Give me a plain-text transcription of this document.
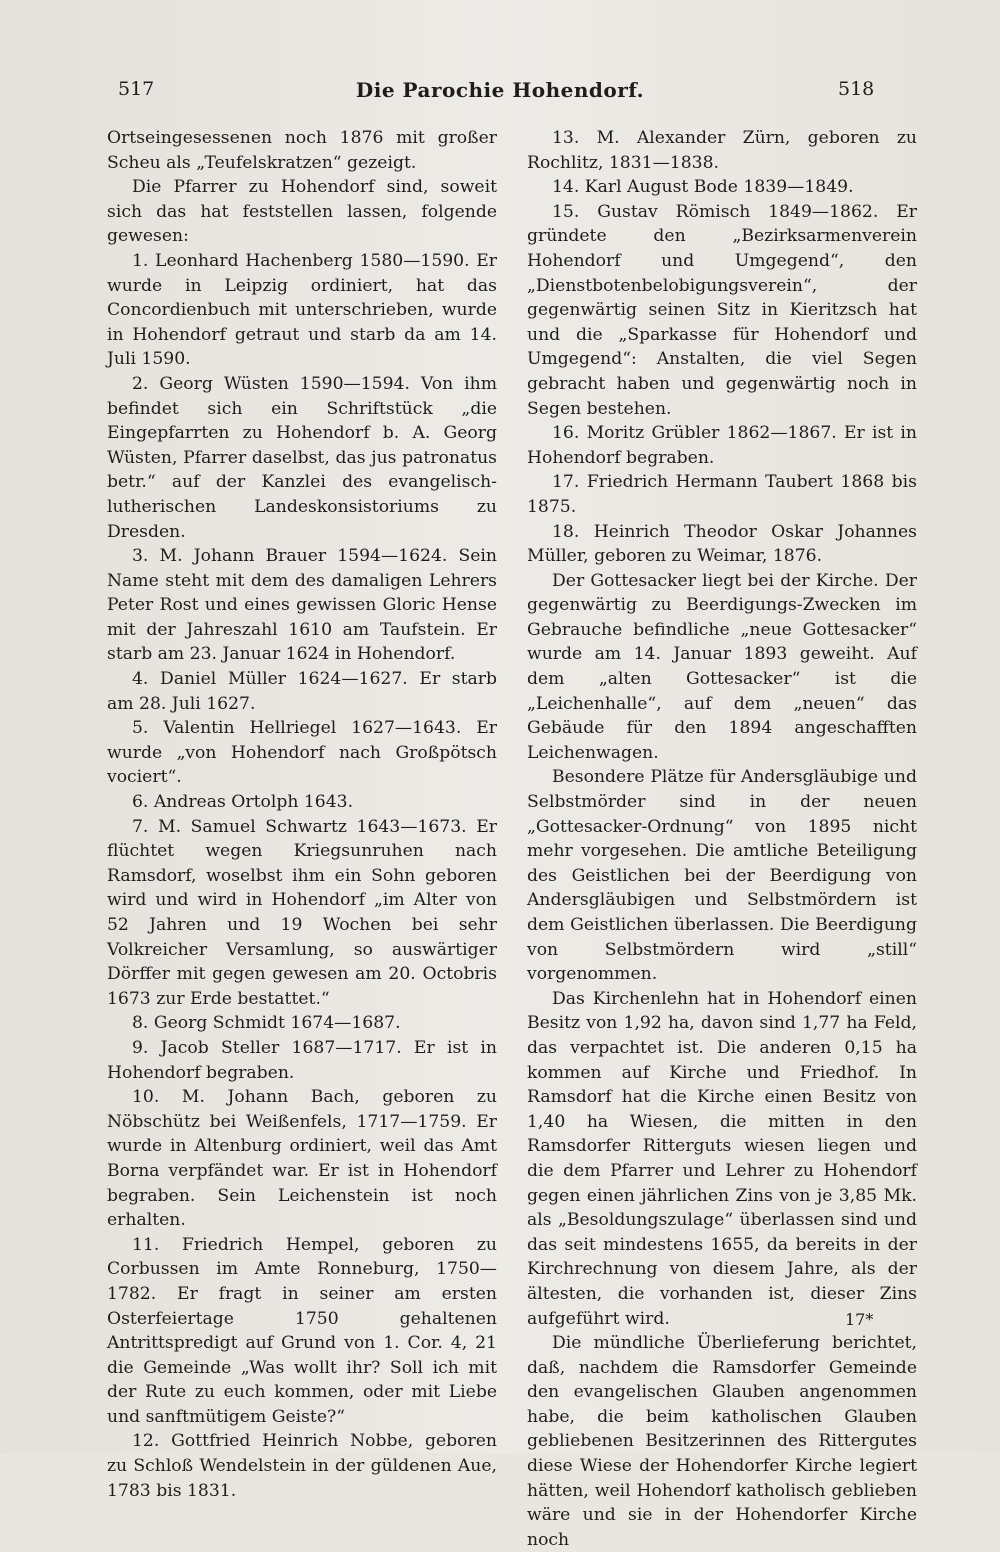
517	Die Parochie Hohendorf.	518

Ortseingesessenen noch 1876 mit großer Scheu als „Teufelskratzen“ gezeigt.

Die Pfarrer zu Hohendorf sind, soweit sich das hat feststellen lassen, folgende gewesen:

1. Leonhard Hachenberg 1580—1590. Er wurde in Leipzig ordiniert, hat das Concordienbuch mit unterschrieben, wurde in Hohendorf getraut und starb da am 14. Juli 1590.

2. Georg Wüsten 1590—1594. Von ihm befindet sich ein Schriftstück „die Eingepfarrten zu Hohendorf b. A. Georg Wüsten, Pfarrer daselbst, das jus patronatus betr.“ auf der Kanzlei des evangelisch-lutherischen Landeskonsistoriums zu Dresden.

3. M. Johann Brauer 1594—1624. Sein Name steht mit dem des damaligen Lehrers Peter Rost und eines gewissen Gloric Hense mit der Jahreszahl 1610 am Taufstein. Er starb am 23. Januar 1624 in Hohendorf.

4. Daniel Müller 1624—1627. Er starb am 28. Juli 1627.

5. Valentin Hellriegel 1627—1643. Er wurde „von Hohendorf nach Großpötsch vociert“.

6. Andreas Ortolph 1643.

7. M. Samuel Schwartz 1643—1673. Er flüchtet wegen Kriegsunruhen nach Ramsdorf, woselbst ihm ein Sohn geboren wird und wird in Hohendorf „im Alter von 52 Jahren und 19 Wochen bei sehr Volkreicher Versamlung, so auswärtiger Dörffer mit gegen gewesen am 20. Octobris 1673 zur Erde bestattet.“

8. Georg Schmidt 1674—1687.

9. Jacob Steller 1687—1717. Er ist in Hohendorf begraben.

10. M. Johann Bach, geboren zu Nöbschütz bei Weißenfels, 1717—1759. Er wurde in Altenburg ordiniert, weil das Amt Borna verpfändet war. Er ist in Hohendorf begraben. Sein Leichenstein ist noch erhalten.

11. Friedrich Hempel, geboren zu Corbussen im Amte Ronneburg, 1750—1782. Er fragt in seiner am ersten Osterfeiertage 1750 gehaltenen Antrittspredigt auf Grund von 1. Cor. 4, 21 die Gemeinde „Was wollt ihr? Soll ich mit der Rute zu euch kommen, oder mit Liebe und sanftmütigem Geiste?“

12. Gottfried Heinrich Nobbe, geboren zu Schloß Wendelstein in der güldenen Aue, 1783 bis 1831.

13. M. Alexander Zürn, geboren zu Rochlitz, 1831—1838.

14. Karl August Bode 1839—1849.

15. Gustav Römisch 1849—1862. Er gründete den „Bezirksarmenverein Hohendorf und Umgegend“, den „Dienstbotenbelobigungsverein“, der gegenwärtig seinen Sitz in Kieritzsch hat und die „Sparkasse für Hohendorf und Umgegend“: Anstalten, die viel Segen gebracht haben und gegenwärtig noch in Segen bestehen.

16. Moritz Grübler 1862—1867. Er ist in Hohendorf begraben.

17. Friedrich Hermann Taubert 1868 bis 1875.

18. Heinrich Theodor Oskar Johannes Müller, geboren zu Weimar, 1876.

Der Gottesacker liegt bei der Kirche. Der gegenwärtig zu Beerdigungs-Zwecken im Gebrauche befindliche „neue Gottesacker“ wurde am 14. Januar 1893 geweiht. Auf dem „alten Gottesacker“ ist die „Leichenhalle“, auf dem „neuen“ das Gebäude für den 1894 angeschafften Leichenwagen.

Besondere Plätze für Andersgläubige und Selbstmörder sind in der neuen „Gottesacker-Ordnung“ von 1895 nicht mehr vorgesehen. Die amtliche Beteiligung des Geistlichen bei der Beerdigung von Andersgläubigen und Selbstmördern ist dem Geistlichen überlassen. Die Beerdigung von Selbstmördern wird „still“ vorgenommen.

Das Kirchenlehn hat in Hohendorf einen Besitz von 1,92 ha, davon sind 1,77 ha Feld, das verpachtet ist. Die anderen 0,15 ha kommen auf Kirche und Friedhof. In Ramsdorf hat die Kirche einen Besitz von 1,40 ha Wiesen, die mitten in den Ramsdorfer Ritterguts wiesen liegen und die dem Pfarrer und Lehrer zu Hohendorf gegen einen jährlichen Zins von je 3,85 Mk. als „Besoldungszulage“ überlassen sind und das seit mindestens 1655, da bereits in der Kirchrechnung von diesem Jahre, als der ältesten, die vorhanden ist, dieser Zins aufgeführt wird.

Die mündliche Überlieferung berichtet, daß, nachdem die Ramsdorfer Gemeinde den evangelischen Glauben angenommen habe, die beim katholischen Glauben gebliebenen Besitzerinnen des Rittergutes diese Wiese der Hohendorfer Kirche legiert hätten, weil Hohendorf katholisch geblieben wäre und sie in der Hohendorfer Kirche noch

17*
